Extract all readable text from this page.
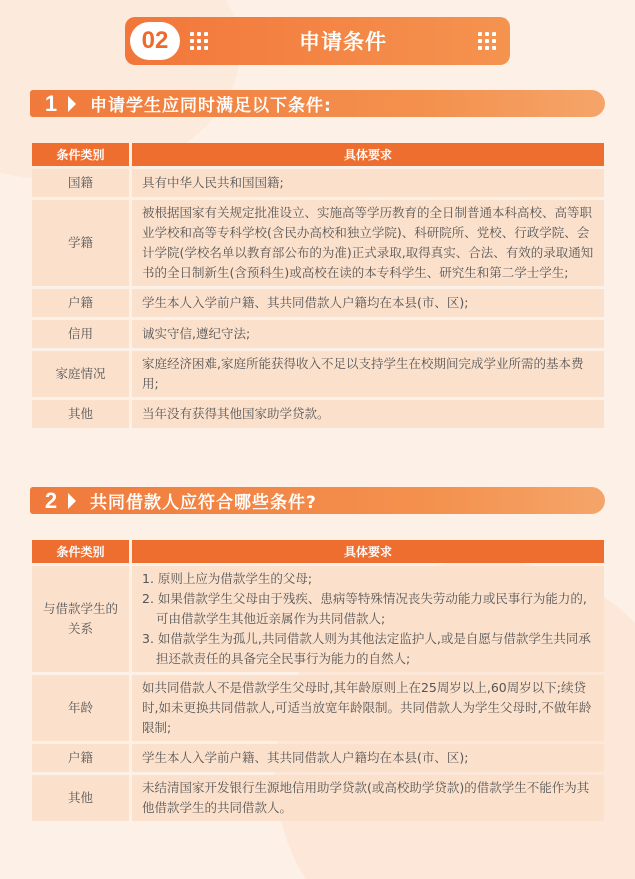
02	申请条件
1	申请学生应同时满足以下条件:
条件类别	具体要求
国籍	具有中华人民共和国国籍;
学籍	被根据国家有关规定批准设立、实施高等学历教育的全日制普通本科高校、高等职业学校和高等专科学校(含民办高校和独立学院)、科研院所、党校、行政学院、会计学院(学校名单以教育部公布的为准)正式录取,取得真实、合法、有效的录取通知书的全日制新生(含预科生)或高校在读的本专科学生、研究生和第二学士学生;
户籍	学生本人入学前户籍、其共同借款人户籍均在本县(市、区);
信用	诚实守信,遵纪守法;
家庭情况	家庭经济困难,家庭所能获得收入不足以支持学生在校期间完成学业所需的基本费用;
其他	当年没有获得其他国家助学贷款。
2	共同借款人应符合哪些条件?
条件类别	具体要求
与借款学生的关系	1. 原则上应为借款学生的父母;
2. 如果借款学生父母由于残疾、患病等特殊情况丧失劳动能力或民事行为能力的,可由借款学生其他近亲属作为共同借款人;
3. 如借款学生为孤儿,共同借款人则为其他法定监护人,或是自愿与借款学生共同承担还款责任的具备完全民事行为能力的自然人;

年龄	如共同借款人不是借款学生父母时,其年龄原则上在25周岁以上,60周岁以下;续贷时,如未更换共同借款人,可适当放宽年龄限制。共同借款人为学生父母时,不做年龄限制;
户籍	学生本人入学前户籍、其共同借款人户籍均在本县(市、区);
其他	未结清国家开发银行生源地信用助学贷款(或高校助学贷款)的借款学生不能作为其他借款学生的共同借款人。
